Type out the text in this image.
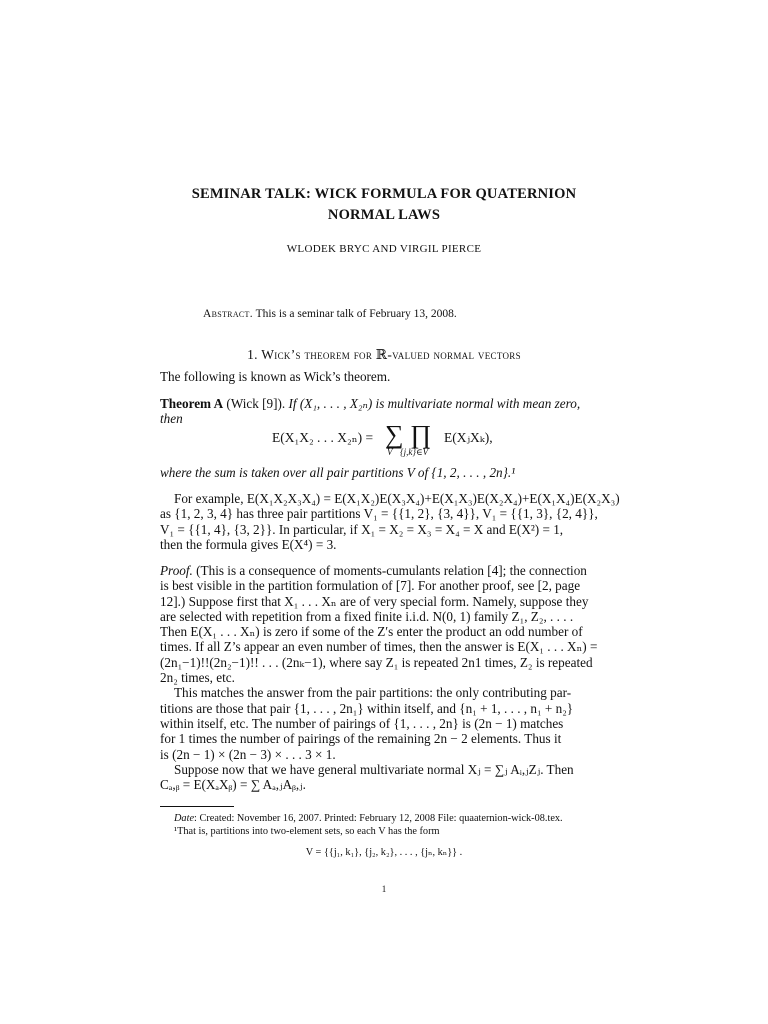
SEMINAR TALK: WICK FORMULA FOR QUATERNION
NORMAL LAWS
WLODEK BRYC AND VIRGIL PIERCE
Abstract. This is a seminar talk of February 13, 2008.
1. Wick’s theorem for ℝ-valued normal vectors
The following is known as Wick’s theorem.
Theorem A (Wick [9]). If (X₁, . . . , X₂ₙ) is multivariate normal with mean zero,
then
E(X₁X₂ . . . X₂ₙ) = ∑ ∏
V {j,k}∈V
E(XⱼXₖ),
where the sum is taken over all pair partitions V of {1, 2, . . . , 2n}.¹
For example, E(X₁X₂X₃X₄) = E(X₁X₂)E(X₃X₄)+E(X₁X₃)E(X₂X₄)+E(X₁X₄)E(X₂X₃)
as {1, 2, 3, 4} has three pair partitions V₁ = {{1, 2}, {3, 4}}, V₁ = {{1, 3}, {2, 4}},
V₁ = {{1, 4}, {3, 2}}. In particular, if X₁ = X₂ = X₃ = X₄ = X and E(X²) = 1,
then the formula gives E(X⁴) = 3.
Proof. (This is a consequence of moments-cumulants relation [4]; the connection
is best visible in the partition formulation of [7]. For another proof, see [2, page
12].) Suppose first that X₁ . . . Xₙ are of very special form. Namely, suppose they
are selected with repetition from a fixed finite i.i.d. N(0, 1) family Z₁, Z₂, . . . .
Then E(X₁ . . . Xₙ) is zero if some of the Z′s enter the product an odd number of
times. If all Z’s appear an even number of times, then the answer is E(X₁ . . . Xₙ) =
(2n₁−1)!!(2n₂−1)!! . . . (2nₖ−1), where say Z₁ is repeated 2n1 times, Z₂ is repeated
2n₂ times, etc.
This matches the answer from the pair partitions: the only contributing par-
titions are those that pair {1, . . . , 2n₁} within itself, and {n₁ + 1, . . . , n₁ + n₂}
within itself, etc. The number of pairings of {1, . . . , 2n} is (2n − 1) matches
for 1 times the number of pairings of the remaining 2n − 2 elements. Thus it
is (2n − 1) × (2n − 3) × . . . 3 × 1.
Suppose now that we have general multivariate normal Xⱼ = ∑ⱼ Aᵢ,ⱼZⱼ. Then
Cₐ,ᵦ = E(XₐXᵦ) = ∑ Aₐ,ⱼAᵦ,ⱼ.
Date: Created: November 16, 2007. Printed: February 12, 2008 File: quaaternion-wick-08.tex.
¹That is, partitions into two-element sets, so each V has the form
V = {{j₁, k₁}, {j₂, k₂}, . . . , {jₙ, kₙ}} .
1
